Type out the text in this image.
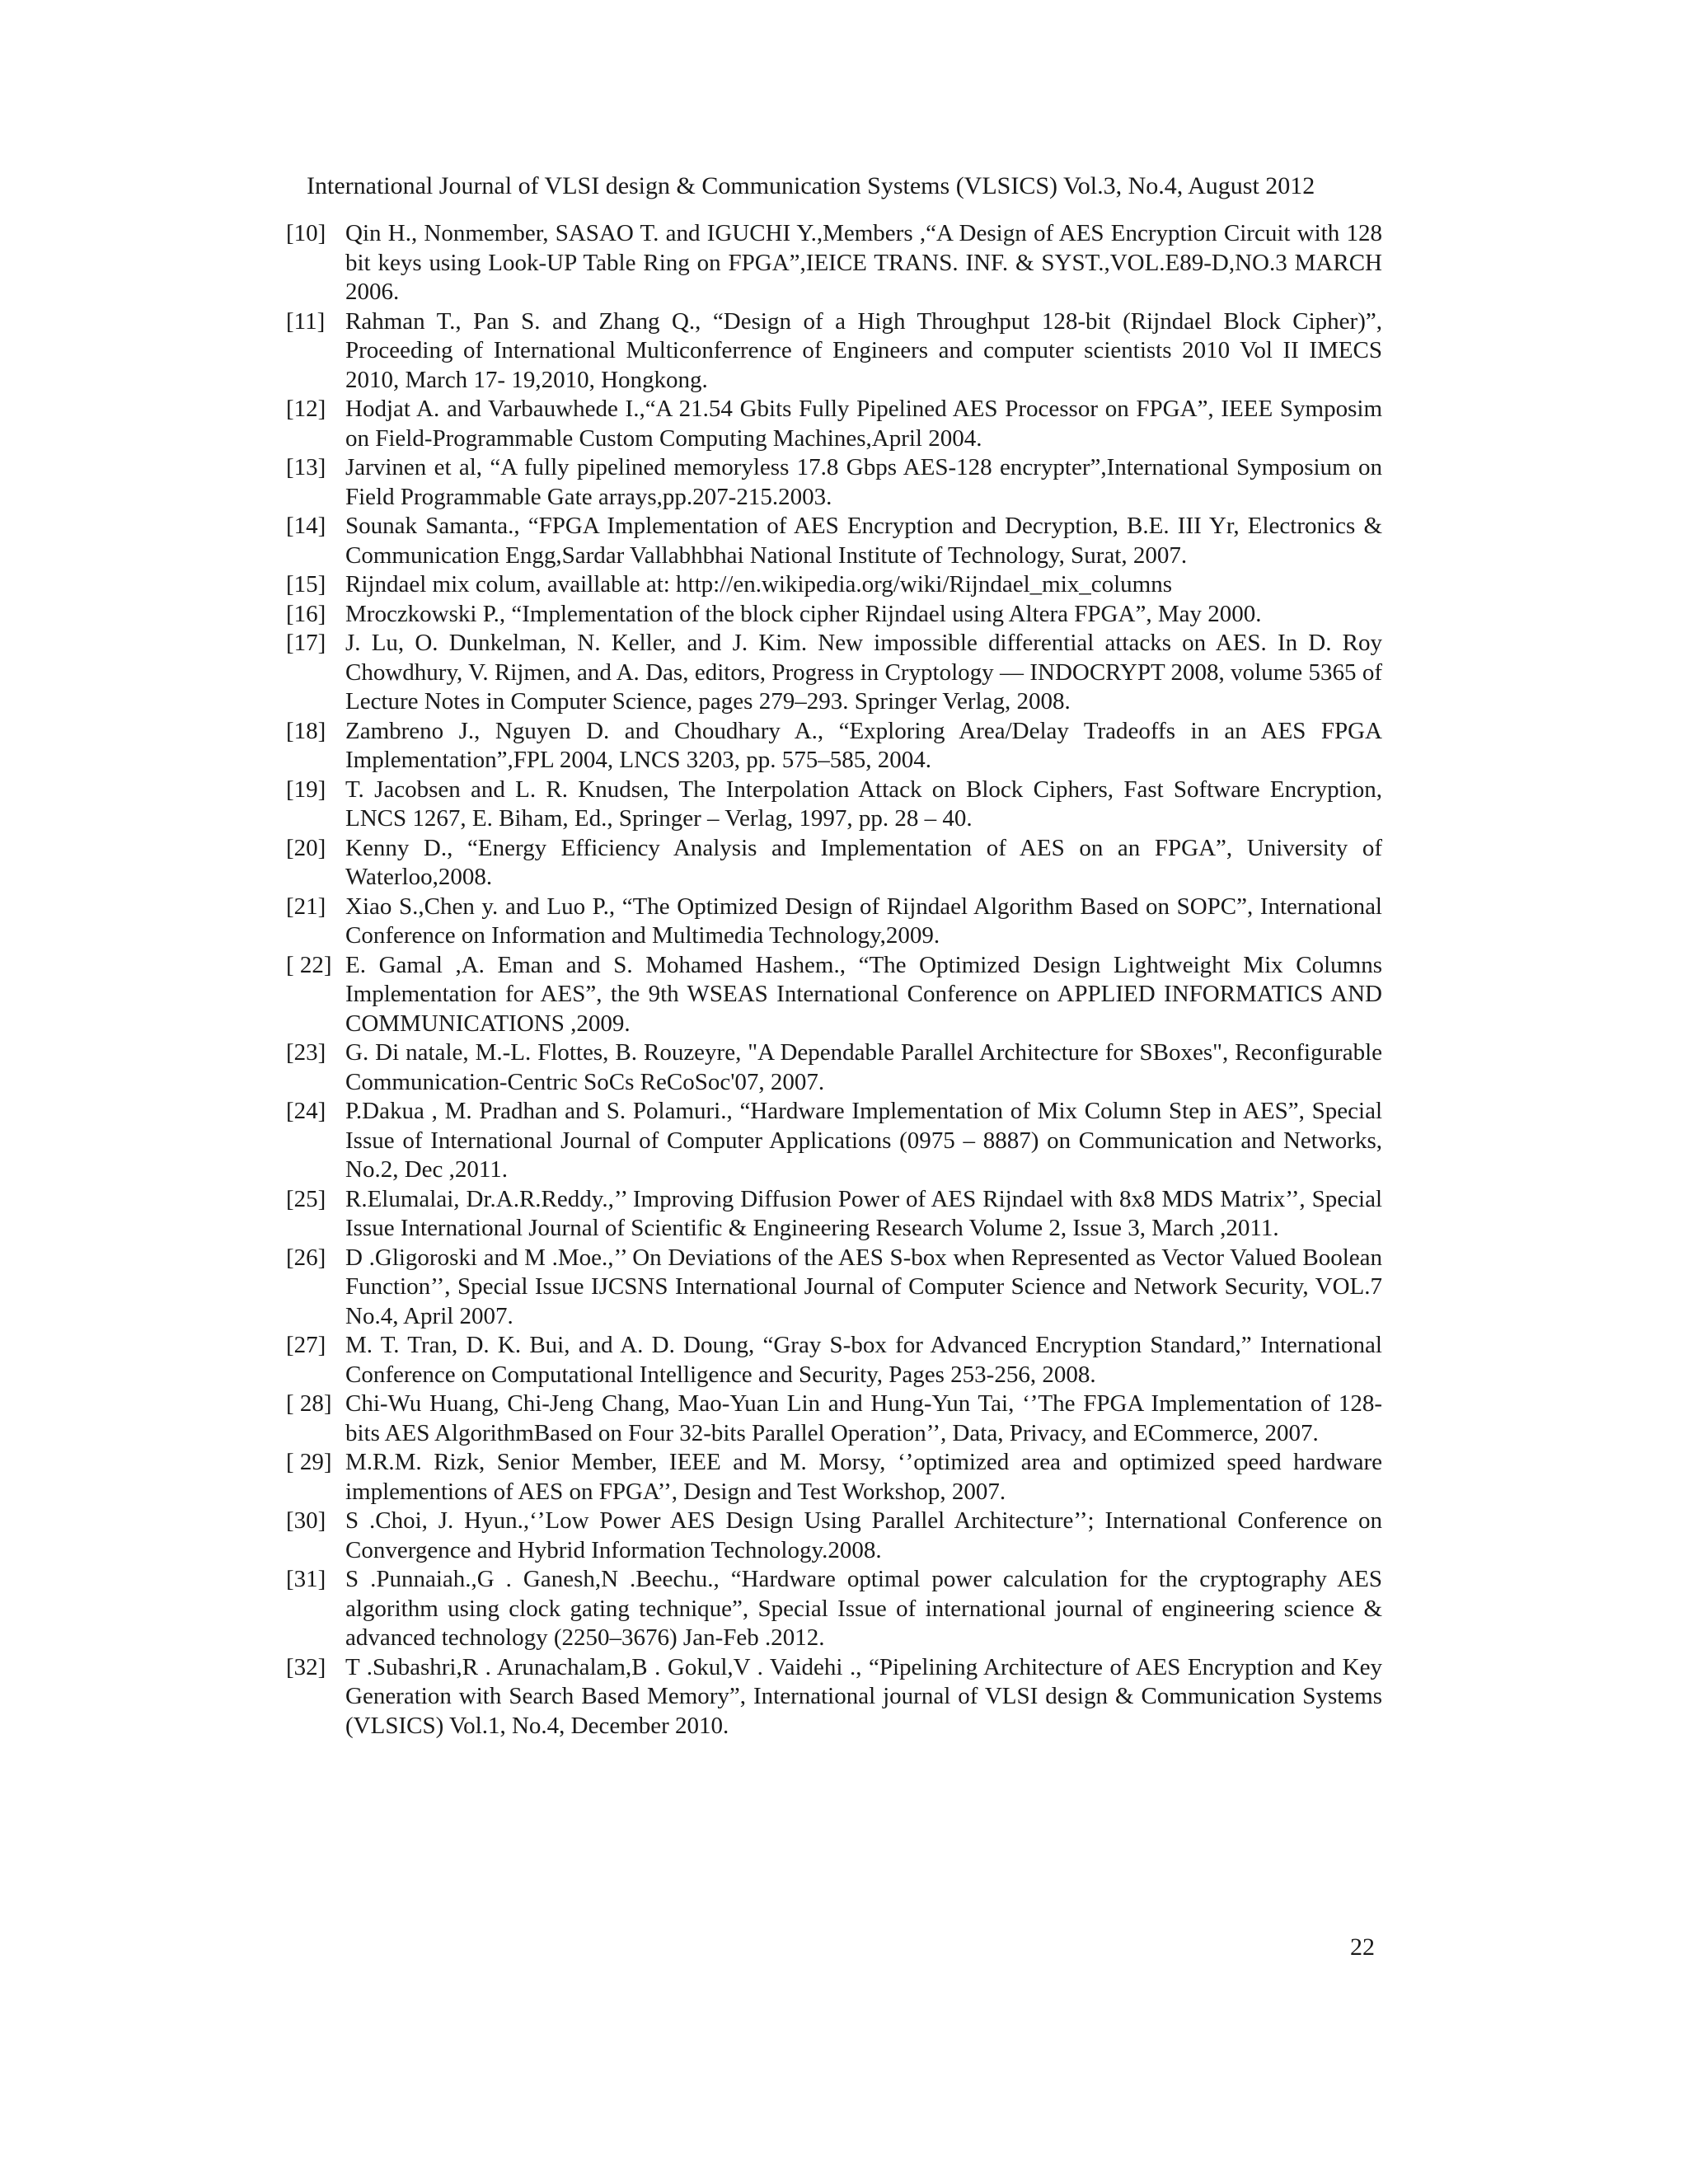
International Journal of VLSI design & Communication Systems (VLSICS) Vol.3, No.4, August 2012
[10] Qin H., Nonmember, SASAO T. and IGUCHI Y.,Members ,“A Design of AES Encryption Circuit with 128 bit keys using Look-UP Table Ring on FPGA”,IEICE TRANS. INF. & SYST.,VOL.E89-D,NO.3 MARCH 2006.
[11] Rahman T., Pan S. and Zhang Q., “Design of a High Throughput 128-bit (Rijndael Block Cipher)”, Proceeding of International Multiconferrence of Engineers and computer scientists 2010 Vol II IMECS 2010, March 17- 19,2010, Hongkong.
[12] Hodjat A. and Varbauwhede I.,“A 21.54 Gbits Fully Pipelined AES Processor on FPGA”, IEEE Symposim on Field-Programmable Custom Computing Machines,April 2004.
[13] Jarvinen et al, “A fully pipelined memoryless 17.8 Gbps AES-128 encrypter”,International Symposium on Field Programmable Gate arrays,pp.207-215.2003.
[14] Sounak Samanta., “FPGA Implementation of AES Encryption and Decryption, B.E. III Yr, Electronics & Communication Engg,Sardar Vallabhbhai National Institute of Technology, Surat, 2007.
[15] Rijndael mix colum, availlable at: http://en.wikipedia.org/wiki/Rijndael_mix_columns
[16] Mroczkowski P., “Implementation of the block cipher Rijndael using Altera FPGA”, May 2000.
[17] J. Lu, O. Dunkelman, N. Keller, and J. Kim. New impossible differential attacks on AES. In D. Roy Chowdhury, V. Rijmen, and A. Das, editors, Progress in Cryptology — INDOCRYPT 2008, volume 5365 of Lecture Notes in Computer Science, pages 279–293. Springer Verlag, 2008.
[18] Zambreno J., Nguyen D. and Choudhary A., “Exploring Area/Delay Tradeoffs in an AES FPGA Implementation”,FPL 2004, LNCS 3203, pp. 575–585, 2004.
[19] T. Jacobsen and L. R. Knudsen, The Interpolation Attack on Block Ciphers, Fast Software Encryption, LNCS 1267, E. Biham, Ed., Springer – Verlag, 1997, pp. 28 – 40.
[20] Kenny D., “Energy Efficiency Analysis and Implementation of AES on an FPGA”, University of Waterloo,2008.
[21] Xiao S.,Chen y. and Luo P., “The Optimized Design of Rijndael Algorithm Based on SOPC”, International Conference on Information and Multimedia Technology,2009.
[ 22] E. Gamal ,A. Eman and S. Mohamed Hashem., “The Optimized Design Lightweight Mix Columns Implementation for AES”, the 9th WSEAS International Conference on APPLIED INFORMATICS AND COMMUNICATIONS ,2009.
[23] G. Di natale, M.-L. Flottes, B. Rouzeyre, "A Dependable Parallel Architecture for SBoxes", Reconfigurable Communication-Centric SoCs ReCoSoc'07, 2007.
[24] P.Dakua , M. Pradhan and S. Polamuri., “Hardware Implementation of Mix Column Step in AES”, Special Issue of International Journal of Computer Applications (0975 – 8887) on Communication and Networks, No.2, Dec ,2011.
[25] R.Elumalai, Dr.A.R.Reddy.,’’ Improving Diffusion Power of AES Rijndael with 8x8 MDS Matrix’’, Special Issue International Journal of Scientific & Engineering Research Volume 2, Issue 3, March ,2011.
[26] D .Gligoroski and M .Moe.,’’ On Deviations of the AES S-box when Represented as Vector Valued Boolean Function’’, Special Issue IJCSNS International Journal of Computer Science and Network Security, VOL.7 No.4, April 2007.
[27] M. T. Tran, D. K. Bui, and A. D. Doung, “Gray S-box for Advanced Encryption Standard,” International Conference on Computational Intelligence and Security, Pages 253-256, 2008.
[ 28] Chi-Wu Huang, Chi-Jeng Chang, Mao-Yuan Lin and Hung-Yun Tai, ‘’The FPGA Implementation of 128-bits AES AlgorithmBased on Four 32-bits Parallel Operation’’, Data, Privacy, and ECommerce, 2007.
[ 29] M.R.M. Rizk, Senior Member, IEEE and M. Morsy, ‘’optimized area and optimized speed hardware implementions of AES on FPGA’’, Design and Test Workshop, 2007.
[30] S .Choi, J. Hyun.,‘’Low Power AES Design Using Parallel Architecture’’; International Conference on Convergence and Hybrid Information Technology.2008.
[31] S .Punnaiah.,G . Ganesh,N .Beechu., “Hardware optimal power calculation for the cryptography AES algorithm using clock gating technique”, Special Issue of international journal of engineering science & advanced technology (2250–3676) Jan-Feb .2012.
[32] T .Subashri,R . Arunachalam,B . Gokul,V . Vaidehi ., “Pipelining Architecture of AES Encryption and Key Generation with Search Based Memory”, International journal of VLSI design & Communication Systems (VLSICS) Vol.1, No.4, December 2010.
22
